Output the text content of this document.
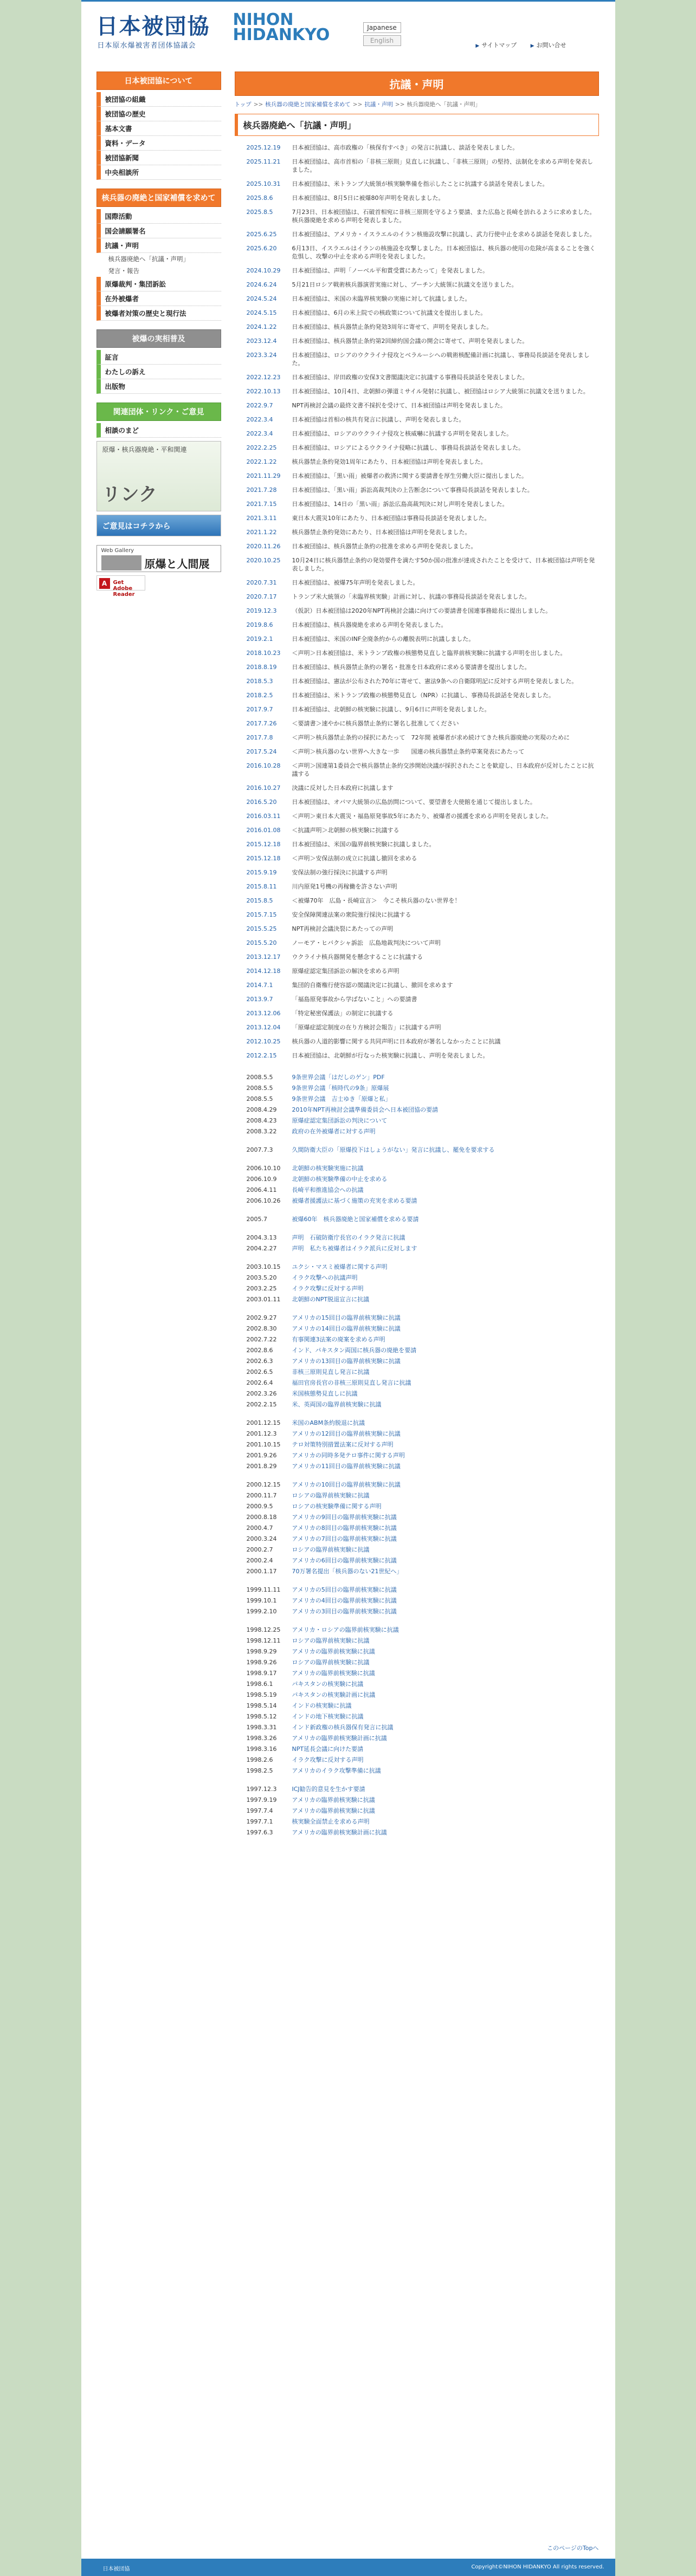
日本被団協 NIHON HIDANKYO
日本原水爆被害者団体協議会
Japanese
English
▶ サイトマップ	▶ お問い合せ
日本被団協について
被団協の組織
被団協の歴史
基本文書
資料・データ
被団協新聞
中央相談所
核兵器の廃絶と国家補償を求めて
国際活動
国会請願署名
抗議・声明
核兵器廃絶へ「抗議・声明」
発言・報告
原爆裁判・集団訴訟
在外被爆者
被爆者対策の歴史と現行法
被爆の実相普及
証言
わたしの訴え
出版物
関連団体・リンク・ご意見
相談のまど
原爆・核兵器廃絶・平和関連
リンク
ご意見はコチラから
Web Gallery
原爆と人間展
A	Get Adobe Reader
抗議・声明
トップ >> 核兵器の廃絶と国家補償を求めて >> 抗議・声明 >> 核兵器廃絶へ「抗議・声明」
核兵器廃絶へ「抗議・声明」
2025.12.19	日本被団協は、高市政権の「核保有すべき」の発言に抗議し、談話を発表しました。
2025.11.21	日本被団協は、高市首相の「非核三原則」見直しに抗議し、「非核三原則」の堅持、法制化を求める声明を発表しました。
2025.10.31	日本被団協は、米トランプ大統領が核実験準備を指示したことに抗議する談話を発表しました。
2025.8.6	日本被団協は、8月5日に被爆80年声明を発表しました。
2025.8.5	7月23日、日本被団協は、石破首相宛に非核三原則を守るよう要請、また広島と長崎を訪れるように求めました。核兵器廃絶を求める声明を発表しました。
2025.6.25	日本被団協は、アメリカ・イスラエルのイラン核施設攻撃に抗議し、武力行使中止を求める談話を発表しました。
2025.6.20	6月13日、イスラエルはイランの核施設を攻撃しました。日本被団協は、核兵器の使用の危険が高まることを強く危惧し、攻撃の中止を求める声明を発表しました。
2024.10.29	日本被団協は、声明「ノーベル平和賞受賞にあたって」を発表しました。
2024.6.24	5月21日ロシア戦術核兵器演習実施に対し、プーチン大統領に抗議文を送りました。
2024.5.24	日本被団協は、米国の未臨界核実験の実施に対して抗議しました。
2024.5.15	日本被団協は、6月の米上院での核政策について抗議文を提出しました。
2024.1.22	日本被団協は、核兵器禁止条約発効3周年に寄せて、声明を発表しました。
2023.12.4	日本被団協は、核兵器禁止条約第2回締約国会議の開会に寄せて、声明を発表しました。
2023.3.24	日本被団協は、ロシアのウクライナ侵攻とベラルーシへの戦術核配備計画に抗議し、事務局長談話を発表しました。
2022.12.23	日本被団協は、岸田政権の安保3文書閣議決定に抗議する事務局長談話を発表しました。
2022.10.13	日本被団協は、10月4日、北朝鮮の弾道ミサイル発射に抗議し、被団協はロシア大統領に抗議文を送りました。
2022.9.7	NPT再検討会議の最終文書不採択を受けて、日本被団協は声明を発表しました。
2022.3.4	日本被団協は首相の核共有発言に抗議し、声明を発表しました。
2022.3.4	日本被団協は、ロシアのウクライナ侵攻と核威嚇に抗議する声明を発表しました。
2022.2.25	日本被団協は、ロシアによるウクライナ侵略に抗議し、事務局長談話を発表しました。
2022.1.22	核兵器禁止条約発効1周年にあたり、日本被団協は声明を発表しました。
2021.11.29	日本被団協は、「黒い雨」被爆者の救済に関する要請書を厚生労働大臣に提出しました。
2021.7.28	日本被団協は、「黒い雨」訴訟高裁判決の上告断念について事務局長談話を発表しました。
2021.7.15	日本被団協は、14日の「黒い雨」訴訟広島高裁判決に対し声明を発表しました。
2021.3.11	東日本大震災10年にあたり、日本被団協は事務局長談話を発表しました。
2021.1.22	核兵器禁止条約発効にあたり、日本被団協は声明を発表しました。
2020.11.26	日本被団協は、核兵器禁止条約の批准を求める声明を発表しました。
2020.10.25	10月24日に核兵器禁止条約の発効要件を満たす50か国の批准が達成されたことを受けて、日本被団協は声明を発表しました。
2020.7.31	日本被団協は、被爆75年声明を発表しました。
2020.7.17	トランプ米大統領の「未臨界核実験」計画に対し、抗議の事務局長談話を発表しました。
2019.12.3	（仮訳）日本被団協は2020年NPT再検討会議に向けての要請書を国連事務総長に提出しました。
2019.8.6	日本被団協は、核兵器廃絶を求める声明を発表しました。
2019.2.1	日本被団協は、米国のINF全廃条約からの離脱表明に抗議しました。
2018.10.23	＜声明＞日本被団協は、米トランプ政権の核態勢見直しと臨界前核実験に抗議する声明を出しました。
2018.8.19	日本被団協は、核兵器禁止条約の署名・批准を日本政府に求める要請書を提出しました。
2018.5.3	日本被団協は、憲法が公布された70年に寄せて、憲法9条への自衛隊明記に反対する声明を発表しました。
2018.2.5	日本被団協は、米トランプ政権の核態勢見直し（NPR）に抗議し、事務局長談話を発表しました。
2017.9.7	日本被団協は、北朝鮮の核実験に抗議し、9月6日に声明を発表しました。
2017.7.26	＜要請書＞速やかに核兵器禁止条約に署名し批准してください
2017.7.8	＜声明＞核兵器禁止条約の採択にあたって　72年間 被爆者が求め続けてきた核兵器廃絶の実現のために
2017.5.24	＜声明＞核兵器のない世界へ大きな一歩　　国連の核兵器禁止条約草案発表にあたって
2016.10.28	＜声明＞国連第1委員会で核兵器禁止条約交渉開始決議が採択されたことを歓迎し、日本政府が反対したことに抗議する
2016.10.27	決議に反対した日本政府に抗議します
2016.5.20	日本被団協は、オバマ大統領の広島訪問について、要望書を大使館を通じて提出しました。
2016.03.11	＜声明＞東日本大震災・福島原発事故5年にあたり、被爆者の援護を求める声明を発表しました。
2016.01.08	＜抗議声明＞北朝鮮の核実験に抗議する
2015.12.18	日本被団協は、米国の臨界前核実験に抗議しました。
2015.12.18	＜声明＞安保法制の成立に抗議し撤回を求める
2015.9.19	安保法制の強行採決に抗議する声明
2015.8.11	川内原発1号機の再稼働を許さない声明
2015.8.5	＜被爆70年　広島・長崎宣言＞　今こそ核兵器のない世界を！
2015.7.15	安全保障関連法案の衆院強行採決に抗議する
2015.5.25	NPT再検討会議決裂にあたっての声明
2015.5.20	ノーモア・ヒバクシャ訴訟　広島地裁判決について声明
2013.12.17	ウクライナ核兵器開発を懸念することに抗議する
2014.12.18	原爆症認定集団訴訟の解決を求める声明
2014.7.1	集団的自衛権行使容認の閣議決定に抗議し、撤回を求めます
2013.9.7	「福島原発事故から学ばないこと」への要請書
2013.12.06	「特定秘密保護法」の制定に抗議する
2013.12.04	「原爆症認定制度の在り方検討会報告」に抗議する声明
2012.10.25	核兵器の人道的影響に関する共同声明に日本政府が署名しなかったことに抗議
2012.2.15	日本被団協は、北朝鮮が行なった核実験に抗議し、声明を発表しました。
2008.5.5	9条世界会議「はだしのゲン」PDF
2008.5.5	9条世界会議「核時代の9条」原爆展
2008.5.5	9条世界会議　吉士ゆき「原爆と私」
2008.4.29	2010年NPT再検討会議準備委員会へ日本被団協の要請
2008.4.23	原爆症認定集団訴訟の判決について
2008.3.22	政府の在外被爆者に対する声明
2007.7.3	久間防衛大臣の「原爆投下はしょうがない」発言に抗議し、罷免を要求する
2006.10.10	北朝鮮の核実験実施に抗議
2006.10.9	北朝鮮の核実験準備の中止を求める
2006.4.11	長崎平和推進協会への抗議
2006.10.26	被爆者援護法に基づく施策の充実を求める要請
2005.7	被爆60年　核兵器廃絶と国家補償を求める要請
2004.3.13	声明　石破防衛庁長官のイラク発言に抗議
2004.2.27	声明　私たち被爆者はイラク派兵に反対します
2003.10.15	ユクシ・マスミ被爆者に関する声明
2003.5.20	イラク攻撃への抗議声明
2003.2.25	イラク攻撃に反対する声明
2003.01.11	北朝鮮のNPT脱退宣言に抗議
2002.9.27	アメリカの15回目の臨界前核実験に抗議
2002.8.30	アメリカの14回目の臨界前核実験に抗議
2002.7.22	有事関連3法案の廃案を求める声明
2002.8.6	インド、パキスタン両国に核兵器の廃絶を要請
2002.6.3	アメリカの13回目の臨界前核実験に抗議
2002.6.5	非核三原則見直し発言に抗議
2002.6.4	福田官房長官の非核三原則見直し発言に抗議
2002.3.26	米国核態勢見直しに抗議
2002.2.15	米、英両国の臨界前核実験に抗議
2001.12.15	米国のABM条約脱退に抗議
2001.12.3	アメリカの12回目の臨界前核実験に抗議
2001.10.15	テロ対策特別措置法案に反対する声明
2001.9.26	アメリカの同時多発テロ事件に関する声明
2001.8.29	アメリカの11回目の臨界前核実験に抗議
2000.12.15	アメリカの10回目の臨界前核実験に抗議
2000.11.7	ロシアの臨界前核実験に抗議
2000.9.5	ロシアの核実験準備に関する声明
2000.8.18	アメリカの9回目の臨界前核実験に抗議
2000.4.7	アメリカの8回目の臨界前核実験に抗議
2000.3.24	アメリカの7回目の臨界前核実験に抗議
2000.2.7	ロシアの臨界前核実験に抗議
2000.2.4	アメリカの6回目の臨界前核実験に抗議
2000.1.17	70万署名提出「核兵器のない21世紀へ」
1999.11.11	アメリカの5回目の臨界前核実験に抗議
1999.10.1	アメリカの4回目の臨界前核実験に抗議
1999.2.10	アメリカの3回目の臨界前核実験に抗議
1998.12.25	アメリカ・ロシアの臨界前核実験に抗議
1998.12.11	ロシアの臨界前核実験に抗議
1998.9.29	アメリカの臨界前核実験に抗議
1998.9.26	ロシアの臨界前核実験に抗議
1998.9.17	アメリカの臨界前核実験に抗議
1998.6.1	パキスタンの核実験に抗議
1998.5.19	パキスタンの核実験計画に抗議
1998.5.14	インドの核実験に抗議
1998.5.12	インドの地下核実験に抗議
1998.3.31	インド新政権の核兵器保有発言に抗議
1998.3.26	アメリカの臨界前核実験計画に抗議
1998.3.16	NPT延長会議に向けた要請
1998.2.6	イラク攻撃に反対する声明
1998.2.5	アメリカのイラク攻撃準備に抗議
1997.12.3	ICJ勧告的意見を生かす要請
1997.9.19	アメリカの臨界前核実験に抗議
1997.7.4	アメリカの臨界前核実験に抗議
1997.7.1	核実験全面禁止を求める声明
1997.6.3	アメリカの臨界前核実験計画に抗議
このページのTopへ
日本被団協	Copyright©NIHON HIDANKYO All rights reserved.
